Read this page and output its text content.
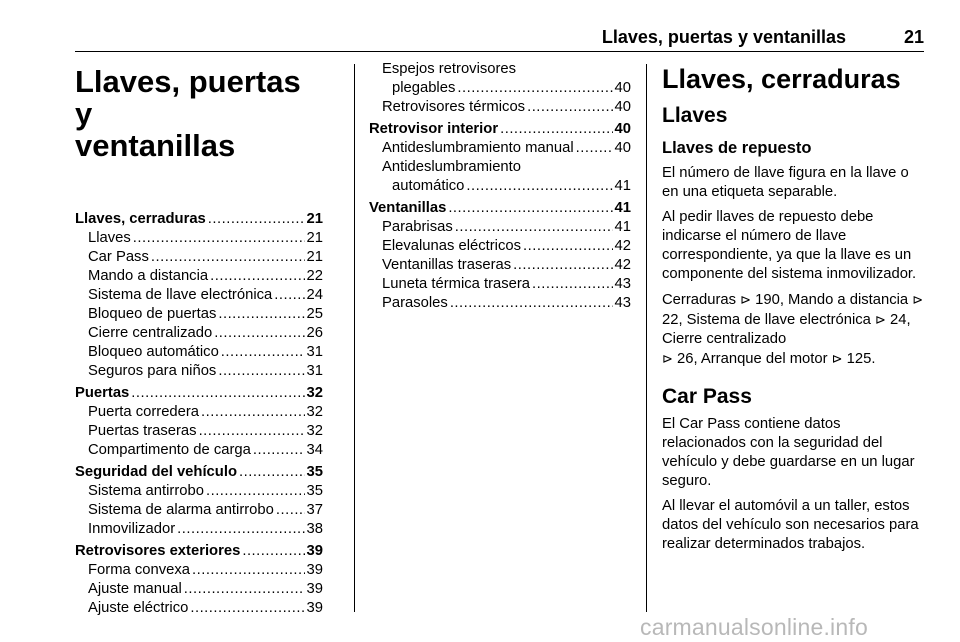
Llaves, puertas y ventanillas	21
Llaves, puertas y
ventanillas
Llaves, cerraduras .....	21
Llaves .....	21
Car Pass .....	21
Mando a distancia .....	22
Sistema de llave electrónica ..... 24
Bloqueo de puertas .....	25
Cierre centralizado .....	26
Bloqueo automático .....	31
Seguros para niños .....	31
Puertas .....	32
Puerta corredera .....	32
Puertas traseras .....	32
Compartimento de carga .....	34
Seguridad del vehículo .....	35
Sistema antirrobo .....	35
Sistema de alarma antirrobo ..... 37
Inmovilizador .....	38
Retrovisores exteriores .....	39
Forma convexa .....	39
Ajuste manual .....	39
Ajuste eléctrico .....	39
Espejos retrovisores
plegables .....	40
Retrovisores térmicos .....	40
Retrovisor interior .....	40
Antideslumbramiento manual .....	40
Antideslumbramiento
automático .....	41
Ventanillas .....	41
Parabrisas .....	41
Elevalunas eléctricos .....	42
Ventanillas traseras .....	42
Luneta térmica trasera .....	43
Parasoles .....	43
Llaves, cerraduras
Llaves
Llaves de repuesto

El número de llave figura en la llave o en una etiqueta separable.

Al pedir llaves de repuesto debe indicarse el número de llave correspondiente, ya que la llave es un componente del sistema inmovilizador.

Cerraduras ⊳ 190, Mando a distancia ⊳ 22, Sistema de llave electrónica ⊳ 24, Cierre centralizado
⊳ 26, Arranque del motor ⊳ 125.

Car Pass

El Car Pass contiene datos relacionados con la seguridad del vehículo y debe guardarse en un lugar seguro.

Al llevar el automóvil a un taller, estos datos del vehículo son necesarios para realizar determinados trabajos.

carmanualsonline.info
